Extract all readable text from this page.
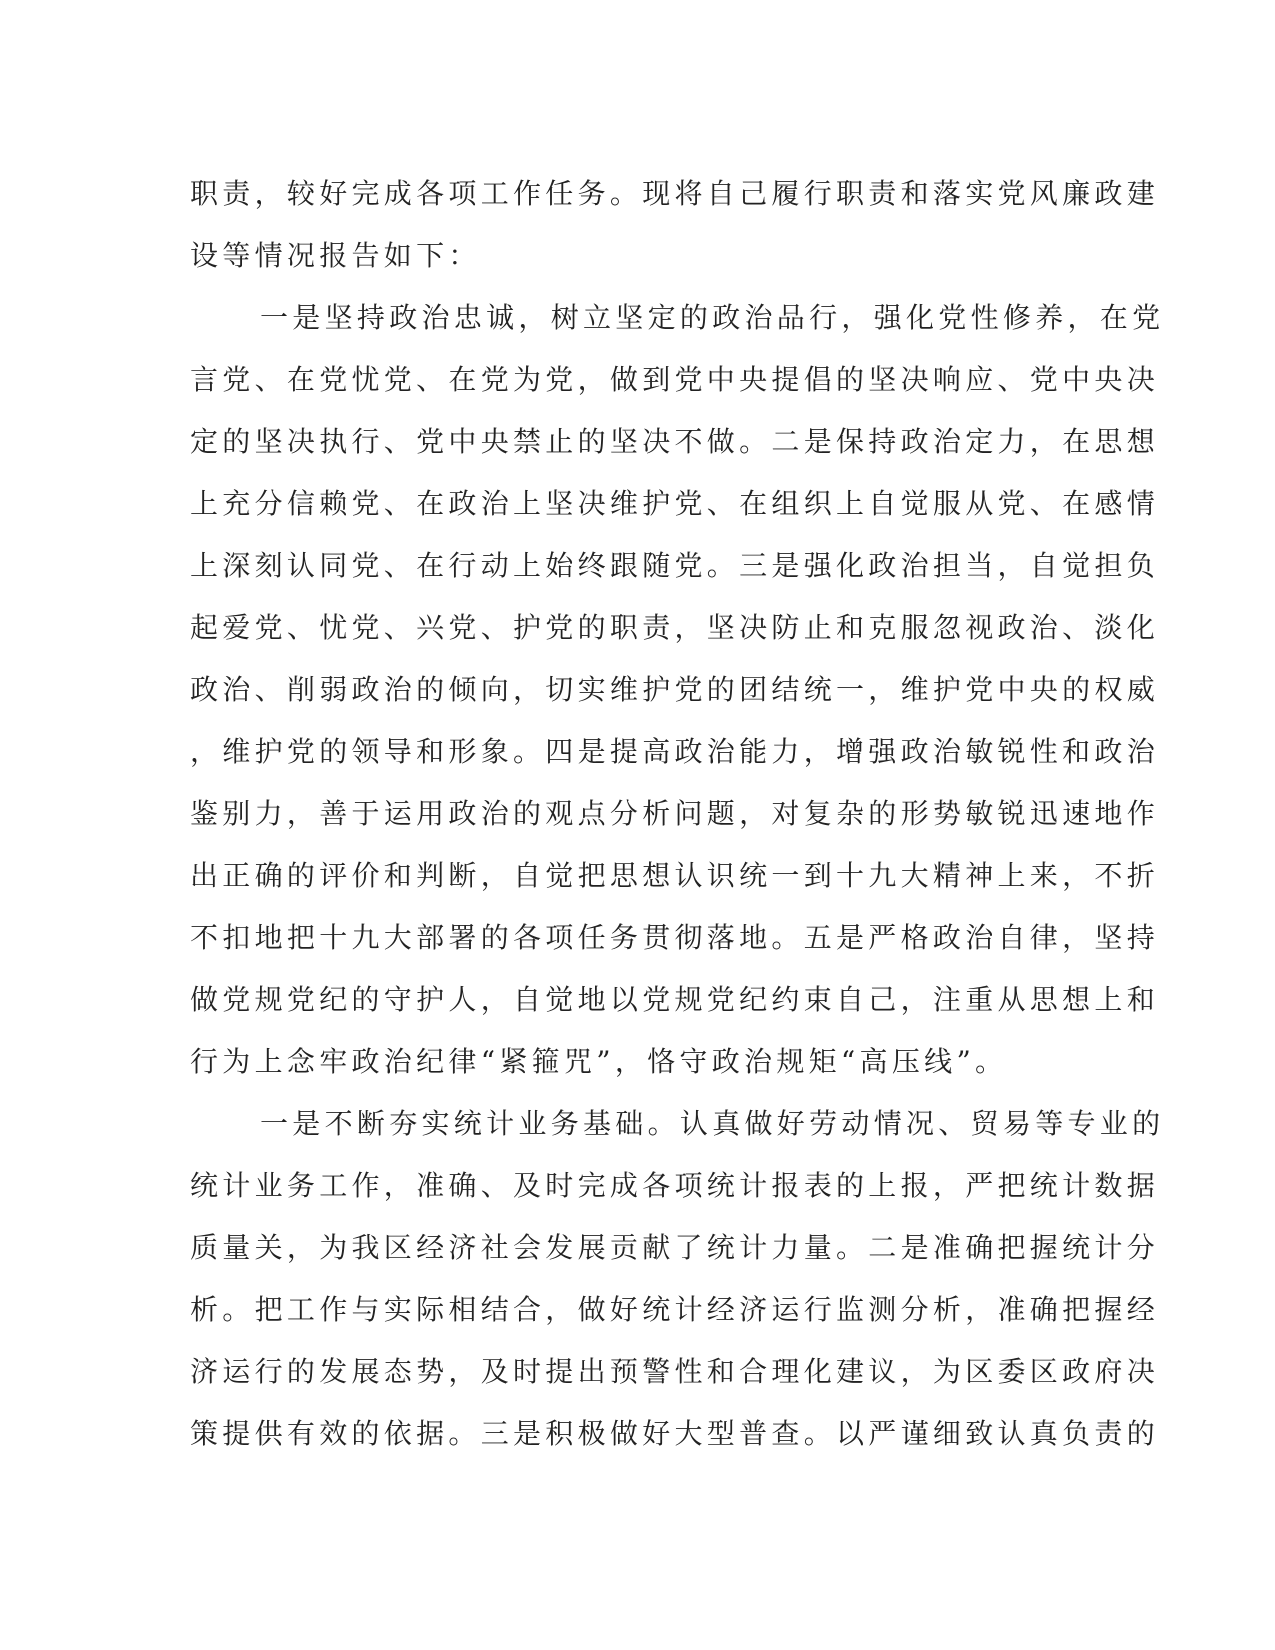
职责，较好完成各项工作任务。现将自己履行职责和落实党风廉政建
设等情况报告如下：
一是坚持政治忠诚，树立坚定的政治品行，强化党性修养，在党
言党、在党忧党、在党为党，做到党中央提倡的坚决响应、党中央决
定的坚决执行、党中央禁止的坚决不做。二是保持政治定力，在思想
上充分信赖党、在政治上坚决维护党、在组织上自觉服从党、在感情
上深刻认同党、在行动上始终跟随党。三是强化政治担当，自觉担负
起爱党、忧党、兴党、护党的职责，坚决防止和克服忽视政治、淡化
政治、削弱政治的倾向，切实维护党的团结统一，维护党中央的权威
，维护党的领导和形象。四是提高政治能力，增强政治敏锐性和政治
鉴别力，善于运用政治的观点分析问题，对复杂的形势敏锐迅速地作
出正确的评价和判断，自觉把思想认识统一到十九大精神上来，不折
不扣地把十九大部署的各项任务贯彻落地。五是严格政治自律，坚持
做党规党纪的守护人，自觉地以党规党纪约束自己，注重从思想上和
行为上念牢政治纪律“紧箍咒”，恪守政治规矩“高压线”。
一是不断夯实统计业务基础。认真做好劳动情况、贸易等专业的
统计业务工作，准确、及时完成各项统计报表的上报，严把统计数据
质量关，为我区经济社会发展贡献了统计力量。二是准确把握统计分
析。把工作与实际相结合，做好统计经济运行监测分析，准确把握经
济运行的发展态势，及时提出预警性和合理化建议，为区委区政府决
策提供有效的依据。三是积极做好大型普查。以严谨细致认真负责的
